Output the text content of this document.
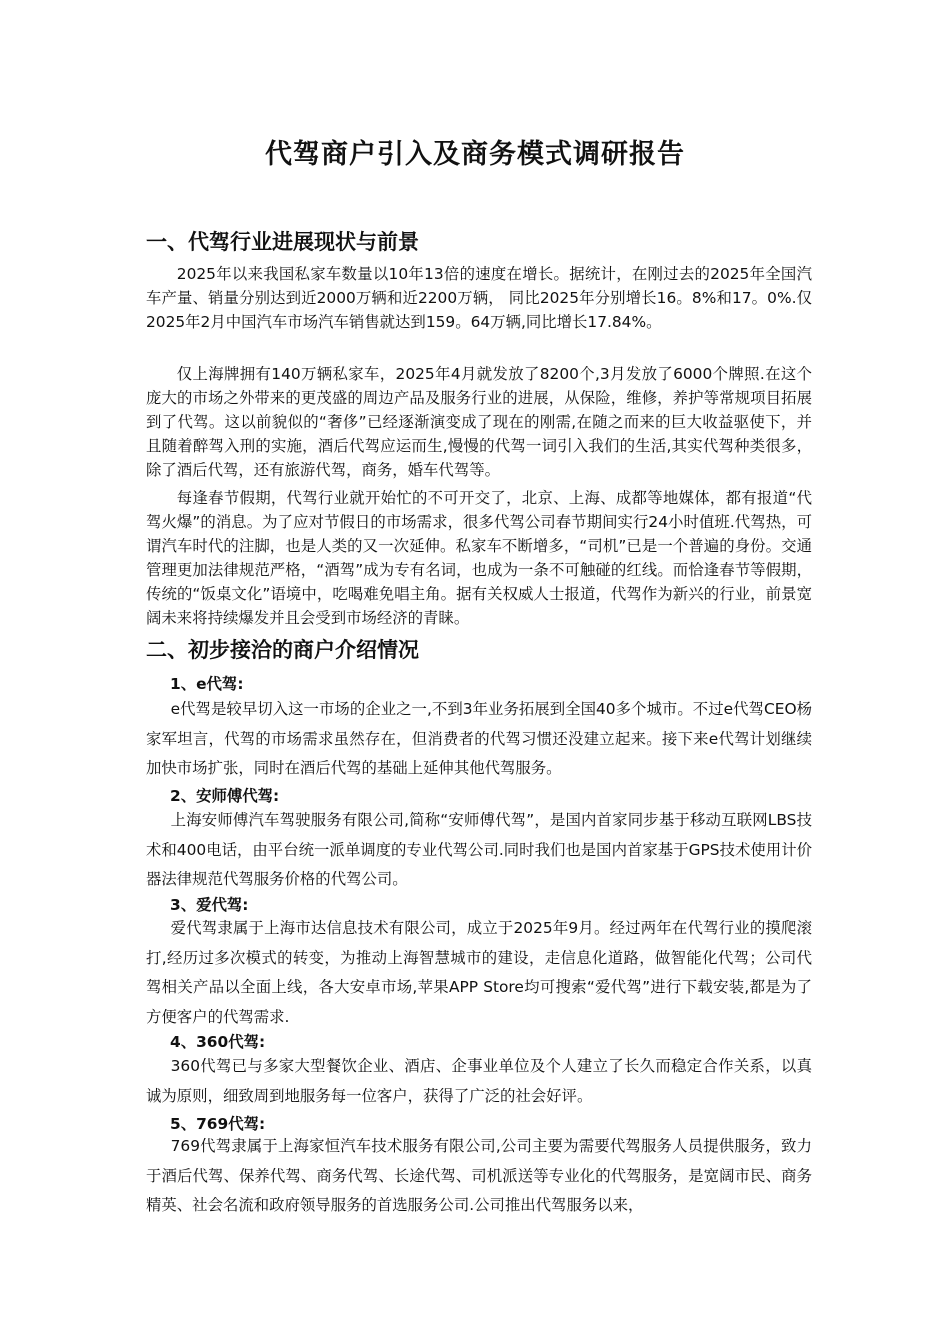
代驾商户引入及商务模式调研报告
一、代驾行业进展现状与前景

2025年以来我国私家车数量以10年13倍的速度在增长。据统计，在刚过去的2025年全国汽车产量、销量分别达到近2000万辆和近2200万辆， 同比2025年分别增长16。8%和17。0%.仅2025年2月中国汽车市场汽车销售就达到159。64万辆,同比增长17.84%。

仅上海牌拥有140万辆私家车，2025年4月就发放了8200个,3月发放了6000个牌照.在这个庞大的市场之外带来的更茂盛的周边产品及服务行业的进展，从保险，维修，养护等常规项目拓展到了代驾。这以前貌似的“奢侈”已经逐渐演变成了现在的刚需,在随之而来的巨大收益驱使下，并且随着醉驾入刑的实施，酒后代驾应运而生,慢慢的代驾一词引入我们的生活,其实代驾种类很多，除了酒后代驾，还有旅游代驾，商务，婚车代驾等。

每逢春节假期，代驾行业就开始忙的不可开交了，北京、上海、成都等地媒体，都有报道“代驾火爆”的消息。为了应对节假日的市场需求，很多代驾公司春节期间实行24小时值班.代驾热，可谓汽车时代的注脚，也是人类的又一次延伸。私家车不断增多，“司机”已是一个普遍的身份。交通管理更加法律规范严格，“酒驾”成为专有名词，也成为一条不可触碰的红线。而恰逢春节等假期，传统的“饭桌文化”语境中，吃喝难免唱主角。据有关权威人士报道，代驾作为新兴的行业，前景宽阔未来将持续爆发并且会受到市场经济的青睐。

二、初步接洽的商户介绍情况

1、e代驾:

e代驾是较早切入这一市场的企业之一,不到3年业务拓展到全国40多个城市。不过e代驾CEO杨家军坦言，代驾的市场需求虽然存在，但消费者的代驾习惯还没建立起来。接下来e代驾计划继续加快市场扩张，同时在酒后代驾的基础上延伸其他代驾服务。

2、安师傅代驾:

上海安师傅汽车驾驶服务有限公司,简称“安师傅代驾”，是国内首家同步基于移动互联网LBS技术和400电话，由平台统一派单调度的专业代驾公司.同时我们也是国内首家基于GPS技术使用计价器法律规范代驾服务价格的代驾公司。

3、爱代驾:

爱代驾隶属于上海市达信息技术有限公司，成立于2025年9月。经过两年在代驾行业的摸爬滚打,经历过多次模式的转变，为推动上海智慧城市的建设，走信息化道路，做智能化代驾；公司代驾相关产品以全面上线，各大安卓市场,苹果APP Store均可搜索“爱代驾”进行下载安装,都是为了方便客户的代驾需求.

4、360代驾:

360代驾已与多家大型餐饮企业、酒店、企事业单位及个人建立了长久而稳定合作关系，以真诚为原则，细致周到地服务每一位客户，获得了广泛的社会好评。

5、769代驾:

769代驾隶属于上海家恒汽车技术服务有限公司,公司主要为需要代驾服务人员提供服务，致力于酒后代驾、保养代驾、商务代驾、长途代驾、司机派送等专业化的代驾服务，是宽阔市民、商务精英、社会名流和政府领导服务的首选服务公司.公司推出代驾服务以来，
